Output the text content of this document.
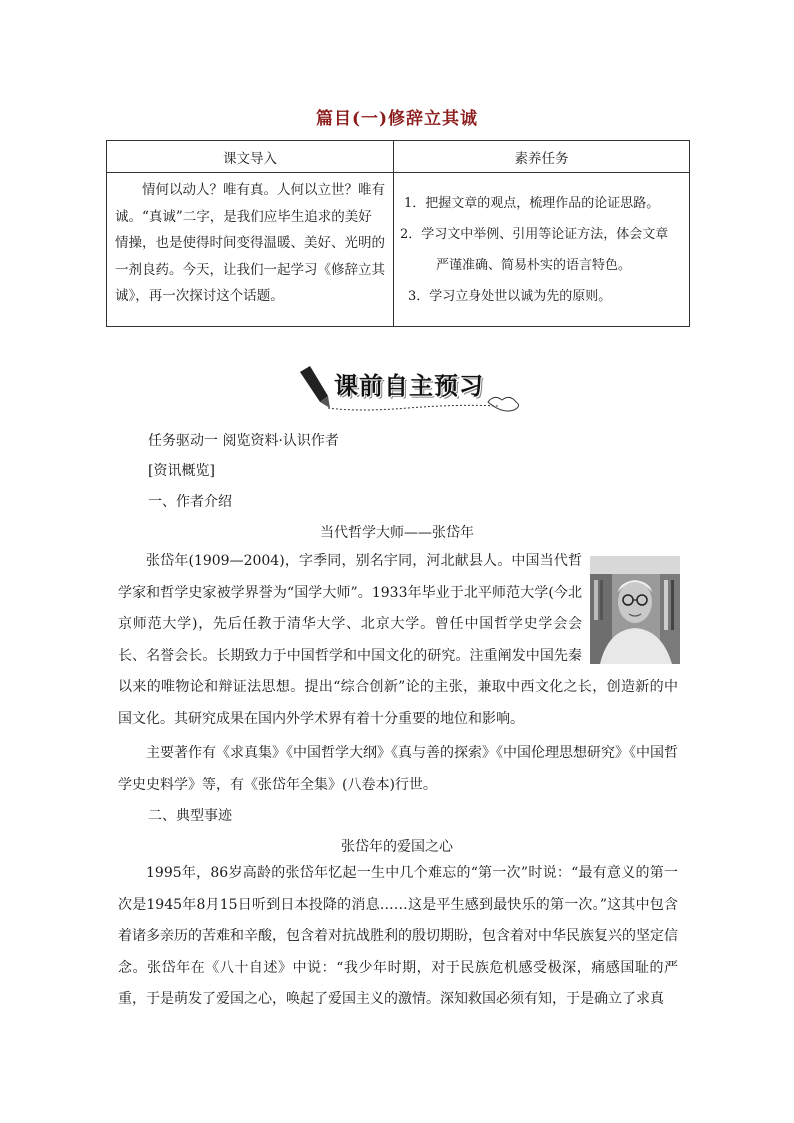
篇目(一)修辞立其诚
课文导入	素养任务

情何以动人？唯有真。人何以立世？唯有诚。“真诚”二字，是我们应毕生追求的美好情操，也是使得时间变得温暖、美好、光明的一剂良药。今天，让我们一起学习《修辞立其诚》，再一次探讨这个话题。	1．把握文章的观点，梳理作品的论证思路。

2．学习文中举例、引用等论证方法，体会文章

严谨准确、简易朴实的语言特色。

3．学习立身处世以诚为先的原则。

课前自主预习
任务驱动一 阅览资料·认识作者
[资讯概览]
一、作者介绍
当代哲学大师——张岱年
张岱年(1909—2004)，字季同，别名宇同，河北献县人。中国当代哲学家和哲学史家被学界誉为“国学大师”。1933年毕业于北平师范大学(今北京师范大学)，先后任教于清华大学、北京大学。曾任中国哲学史学会会长、名誉会长。长期致力于中国哲学和中国文化的研究。注重阐发中国先秦以来的唯物论和辩证法思想。提出“综合创新”论的主张，兼取中西文化之长，创造新的中国文化。其研究成果在国内外学术界有着十分重要的地位和影响。
主要著作有《求真集》《中国哲学大纲》《真与善的探索》《中国伦理思想研究》《中国哲学史史料学》等，有《张岱年全集》(八卷本)行世。
二、典型事迹
张岱年的爱国之心
1995年，86岁高龄的张岱年忆起一生中几个难忘的“第一次”时说：“最有意义的第一次是1945年8月15日听到日本投降的消息……这是平生感到最快乐的第一次。”这其中包含着诸多亲历的苦难和辛酸，包含着对抗战胜利的殷切期盼，包含着对中华民族复兴的坚定信念。张岱年在《八十自述》中说：“我少年时期，对于民族危机感受极深，痛感国耻的严重，于是萌发了爱国之心，唤起了爱国主义的激情。深知救国必须有知，于是确立了求真
